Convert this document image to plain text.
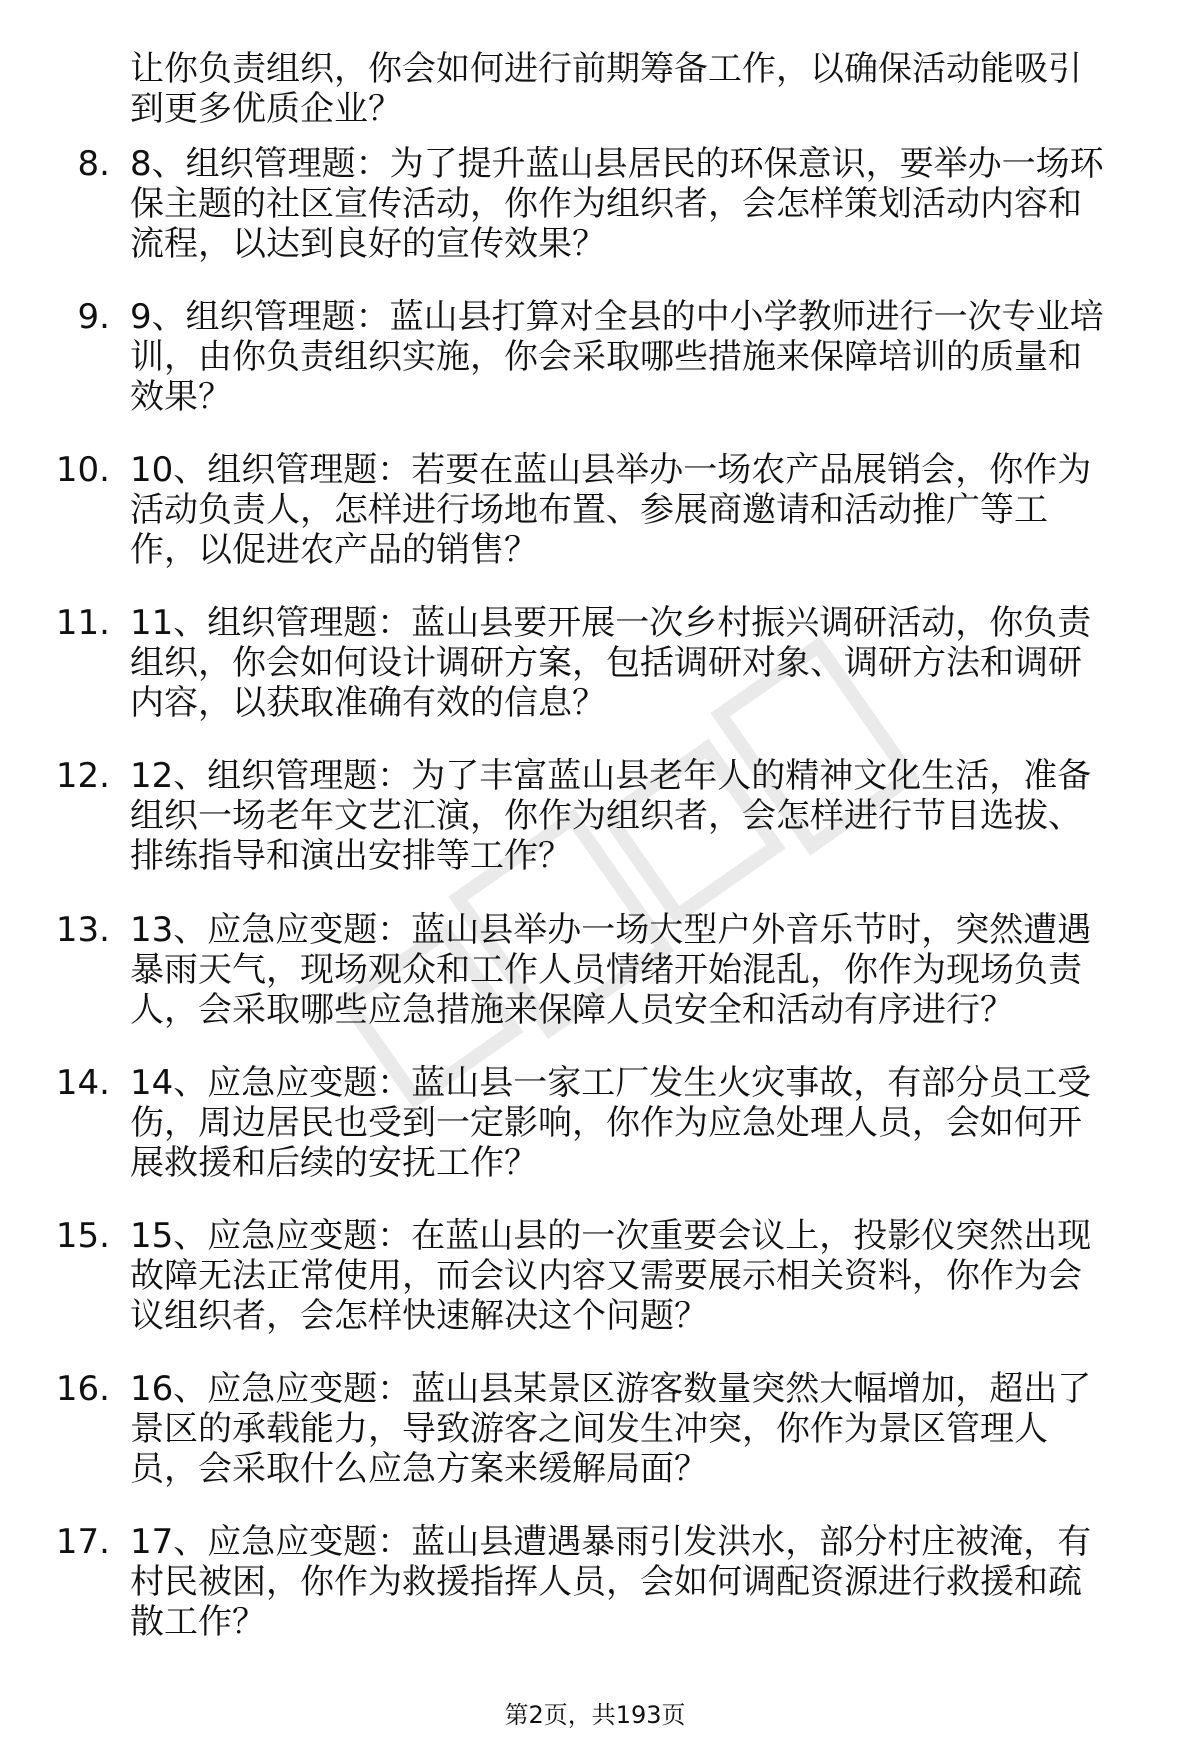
让你负责组织，你会如何进行前期筹备工作，以确保活动能吸引
到更多优质企业？
8. 8、组织管理题：为了提升蓝山县居民的环保意识，要举办一场环
保主题的社区宣传活动，你作为组织者，会怎样策划活动内容和
流程，以达到良好的宣传效果？
9. 9、组织管理题：蓝山县打算对全县的中小学教师进行一次专业培
训，由你负责组织实施，你会采取哪些措施来保障培训的质量和
效果？
10. 10、组织管理题：若要在蓝山县举办一场农产品展销会，你作为
活动负责人，怎样进行场地布置、参展商邀请和活动推广等工
作，以促进农产品的销售？
11. 11、组织管理题：蓝山县要开展一次乡村振兴调研活动，你负责
组织，你会如何设计调研方案，包括调研对象、调研方法和调研
内容，以获取准确有效的信息？
12. 12、组织管理题：为了丰富蓝山县老年人的精神文化生活，准备
组织一场老年文艺汇演，你作为组织者，会怎样进行节目选拔、
排练指导和演出安排等工作？
13. 13、应急应变题：蓝山县举办一场大型户外音乐节时，突然遭遇
暴雨天气，现场观众和工作人员情绪开始混乱，你作为现场负责
人，会采取哪些应急措施来保障人员安全和活动有序进行？
14. 14、应急应变题：蓝山县一家工厂发生火灾事故，有部分员工受
伤，周边居民也受到一定影响，你作为应急处理人员，会如何开
展救援和后续的安抚工作？
15. 15、应急应变题：在蓝山县的一次重要会议上，投影仪突然出现
故障无法正常使用，而会议内容又需要展示相关资料，你作为会
议组织者，会怎样快速解决这个问题？
16. 16、应急应变题：蓝山县某景区游客数量突然大幅增加，超出了
景区的承载能力，导致游客之间发生冲突，你作为景区管理人
员，会采取什么应急方案来缓解局面？
17. 17、应急应变题：蓝山县遭遇暴雨引发洪水，部分村庄被淹，有
村民被困，你作为救援指挥人员，会如何调配资源进行救援和疏
散工作？
第2页，共193页
